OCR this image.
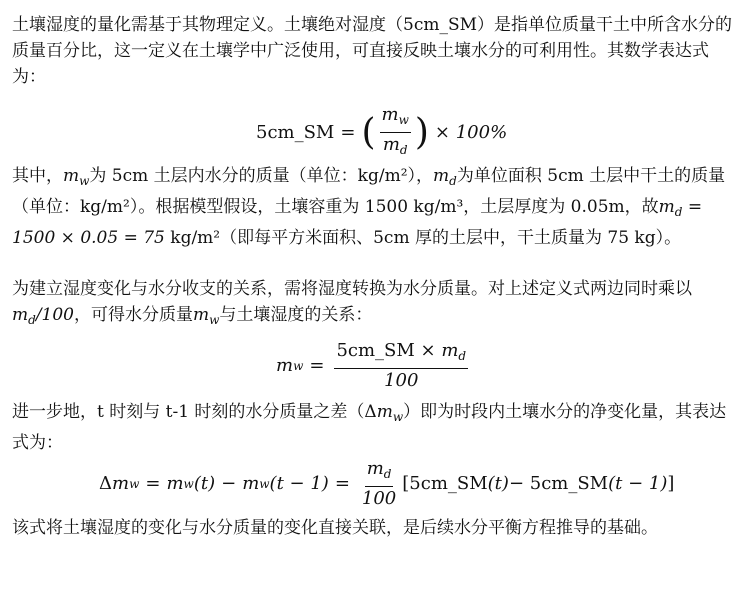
土壤湿度的量化需基于其物理定义。土壤绝对湿度（5cm_SM）是指单位质量干土中所含水分的质量百分比，这一定义在土壤学中广泛使用，可直接反映土壤水分的可利用性。其数学表达式为：

5cm_SM = ( $\frac{m_w}{m_d}$ ) × 100%

其中，$m_w$为 5cm 土层内水分的质量（单位：kg/m²），$m_d$为单位面积 5cm 土层中干土的质量（单位：kg/m²）。根据模型假设，土壤容重为 1500 kg/m³，土层厚度为 0.05m，故$m_d = 1500 \times 0.05 = 75$ kg/m²（即每平方米面积、5cm 厚的土层中，干土质量为 75 kg）。

为建立湿度变化与水分收支的关系，需将湿度转换为水分质量。对上述定义式两边同时乘以$m_d/100$，可得水分质量$m_w$与土壤湿度的关系：

m $w = \frac{5cm\_SM \times m_d}{100}$

进一步地，t 时刻与 t-1 时刻的水分质量之差$(\Delta m_w)$即为时段内土壤水分的净变化量，其表达式为：

Δ m w = m w (t) − m w $(t - 1) = \frac{m_d}{100}$ [5cm_SM (t) − 5cm_SM (t − 1) ]

该式将土壤湿度的变化与水分质量的变化直接关联，是后续水分平衡方程推导的基础。
